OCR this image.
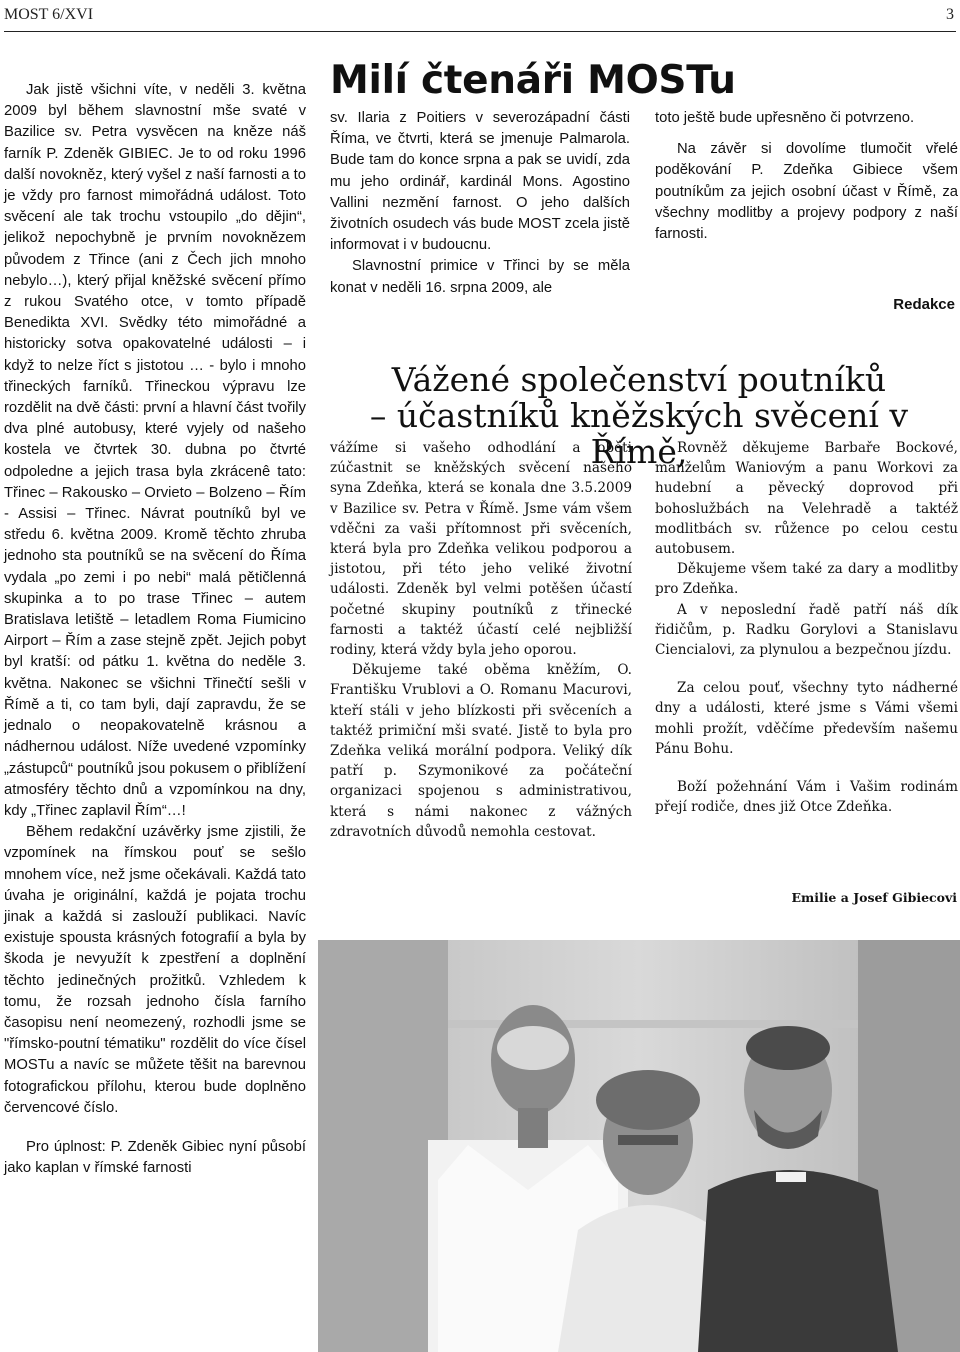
MOST 6/XVI	3
Milí čtenáři MOSTu

Jak jistě všichni víte, v neděli 3. května 2009 byl během slavnostní mše svaté v Bazilice sv. Petra vysvěcen na kněze náš farník P. Zdeněk GIBIEC. Je to od roku 1996 další novokněz, který vyšel z naší farnosti a to je vždy pro farnost mimořádná událost. Toto svěcení ale tak trochu vstoupilo „do dějin“, jelikož nepochybně je prvním novoknězem původem z Třince (ani z Čech jich mnoho nebylo…), který přijal kněžské svěcení přímo z rukou Svatého otce, v tomto případě Benedikta XVI. Svědky této mimořádné a historicky sotva opakovatelné události – i když to nelze říct s jistotou … - bylo i mnoho třineckých farníků. Třineckou výpravu lze rozdělit na dvě části: první a hlavní část tvořily dva plné autobusy, které vyjely od našeho kostela ve čtvrtek 30. dubna po čtvrté odpoledne a jejich trasa byla zkrácenê tato: Třinec – Rakousko – Orvieto – Bolzeno – Řím - Assisi – Třinec. Návrat poutníků byl ve středu 6. května 2009. Kromě těchto zhruba jednoho sta poutníků se na svěcení do Říma vydala „po zemi i po nebi“ malá pětičlenná skupinka a to po trase Třinec – autem Bratislava letiště – letadlem Roma Fiumicino Airport – Řím a zase stejně zpět. Jejich pobyt byl kratší: od pátku 1. května do neděle 3. května. Nakonec se všichni Třinečtí sešli v Římě a ti, co tam byli, dají zapravdu, že se jednalo o neopakovatelně krásnou a nádhernou událost. Níže uvedené vzpomínky „zástupců“ poutníků jsou pokusem o přiblížení atmosféry těchto dnů a vzpomínkou na dny, kdy „Třinec zaplavil Řím“…!

Během redakční uzávěrky jsme zjistili, že vzpomínek na římskou pouť se sešlo mnohem více, než jsme očekávali. Každá tato úvaha je originální, každá je pojata trochu jinak a každá si zaslouží publikaci. Navíc existuje spousta krásných fotografií a byla by škoda je nevyužít k zpestření a doplnění těchto jedinečných prožitků. Vzhledem k tomu, že rozsah jednoho čísla farního časopisu není neomezený, rozhodli jsme se "římsko-poutní tématiku" rozdělit do více čísel MOSTu a navíc se můžete těšit na barevnou fotografickou přílohu, kterou bude doplněno červencové číslo.

Pro úplnost: P. Zdeněk Gibiec nyní působí jako kaplan v římské farnosti

sv. Ilaria z Poitiers v severozápadní části Říma, ve čtvrti, která se jmenuje Palmarola. Bude tam do konce srpna a pak se uvidí, zda mu jeho ordinář, kardinál Mons. Agostino Vallini nezmění farnost. O jeho dalších životních osudech vás bude MOST zcela jistě informovat i v budoucnu.

Slavnostní primice v Třinci by se měla konat v neděli 16. srpna 2009, ale

toto ještě bude upřesněno či potvrzeno.

Na závěr si dovolíme tlumočit vřelé poděkování P. Zdeňka Gibiece všem poutníkům za jejich osobní účast v Římě, za všechny modlitby a projevy podpory z naší farnosti.

Redakce
Vážené společenství poutníků
– účastníků kněžských svěcení v Římě,

vážíme si vašeho odhodlání a oběti zúčastnit se kněžských svěcení našeho syna Zdeňka, která se konala dne 3.5.2009 v Bazilice sv. Petra v Římě. Jsme vám všem vděčni za vaši přítomnost při svěceních, která byla pro Zdeňka velikou podporou a jistotou, při této jeho veliké životní události. Zdeněk byl velmi potěšen účastí početné skupiny poutníků z třinecké farnosti a taktéž účastí celé nejbližší rodiny, která vždy byla jeho oporou.

Děkujeme také oběma kněžím, O. Františku Vrublovi a O. Romanu Macurovi, kteří stáli v jeho blízkosti při svěceních a taktéž primiční mši svaté. Jistě to byla pro Zdeňka veliká morální podpora. Veliký dík patří p. Szymonikové za počáteční organizaci spojenou s administrativou, která s námi nakonec z vážných zdravotních důvodů nemohla cestovat.

Rovněž děkujeme Barbaře Bockové, manželům Waniovým a panu Workovi za hudební a pěvecký doprovod při bohoslužbách na Velehradě a taktéž modlitbách sv. růžence po celou cestu autobusem.

Děkujeme všem také za dary a modlitby pro Zdeňka.

A v neposlední řadě patří náš dík řidičům, p. Radku Gorylovi a Stanislavu Ciencialovi, za plynulou a bezpečnou jízdu.

Za celou pouť, všechny tyto nádherné dny a události, které jsme s Vámi všemi mohli prožít, vděčíme především našemu Pánu Bohu.

Boží požehnání Vám i Vašim rodinám přejí rodiče, dnes již Otce Zdeňka.

Emilie a Josef Gibiecovi
